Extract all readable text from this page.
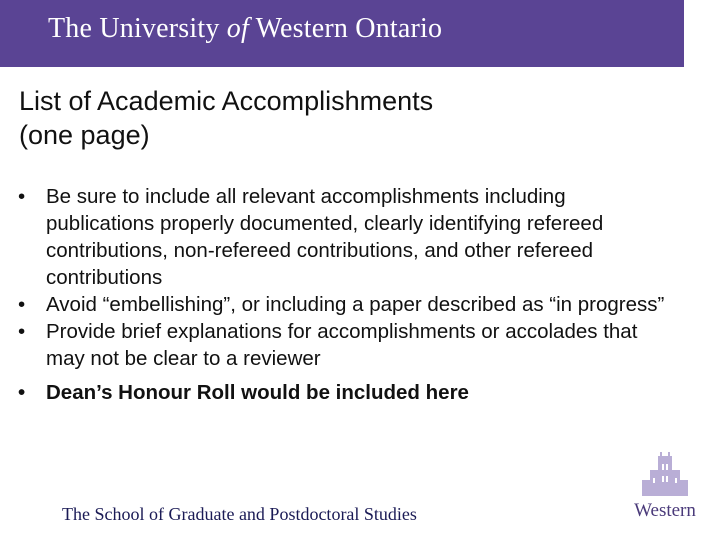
The University of Western Ontario
List of Academic Accomplishments
(one page)
•	Be sure to include all relevant accomplishments including publications properly documented, clearly identifying refereed contributions, non-refereed contributions, and other refereed contributions
•	Avoid “embellishing”, or including a paper described as “in progress”
•	Provide brief explanations for accomplishments or accolades that may not be clear to a reviewer
•	Dean’s Honour Roll would be included here
The School of Graduate and Postdoctoral Studies	Western
